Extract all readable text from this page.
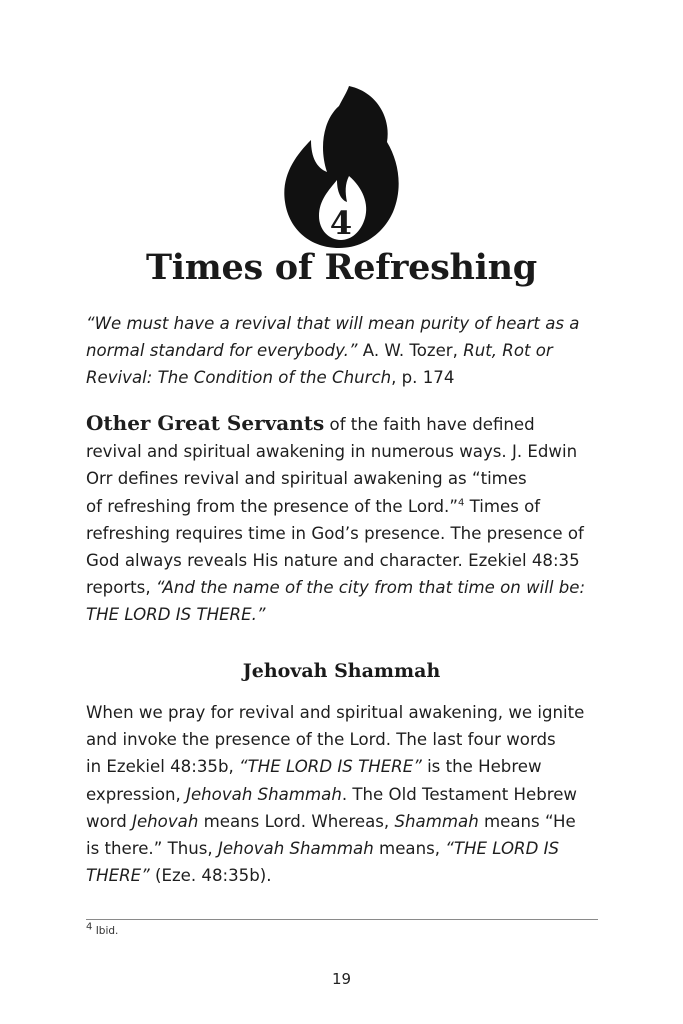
4
Times of Refreshing
“We must have a revival that will mean purity of heart as a
normal standard for everybody.” A. W. Tozer, Rut, Rot or
Revival: The Condition of the Church, p. 174
Other Great Servants of the faith have defined
revival and spiritual awakening in numerous ways. J. Edwin
Orr defines revival and spiritual awakening as “times
of refreshing from the presence of the Lord.”$^4$ Times of
refreshing requires time in God’s presence. The presence of
God always reveals His nature and character. Ezekiel 48:35
reports, “And the name of the city from that time on will be:
THE LORD IS THERE.”
Jehovah Shammah
When we pray for revival and spiritual awakening, we ignite
and invoke the presence of the Lord. The last four words
in Ezekiel 48:35b, “THE LORD IS THERE” is the Hebrew
expression, Jehovah Shammah. The Old Testament Hebrew
word Jehovah means Lord. Whereas, Shammah means “He
is there.” Thus, Jehovah Shammah means, “THE LORD IS
THERE” (Eze. 48:35b).
4 Ibid.
19
